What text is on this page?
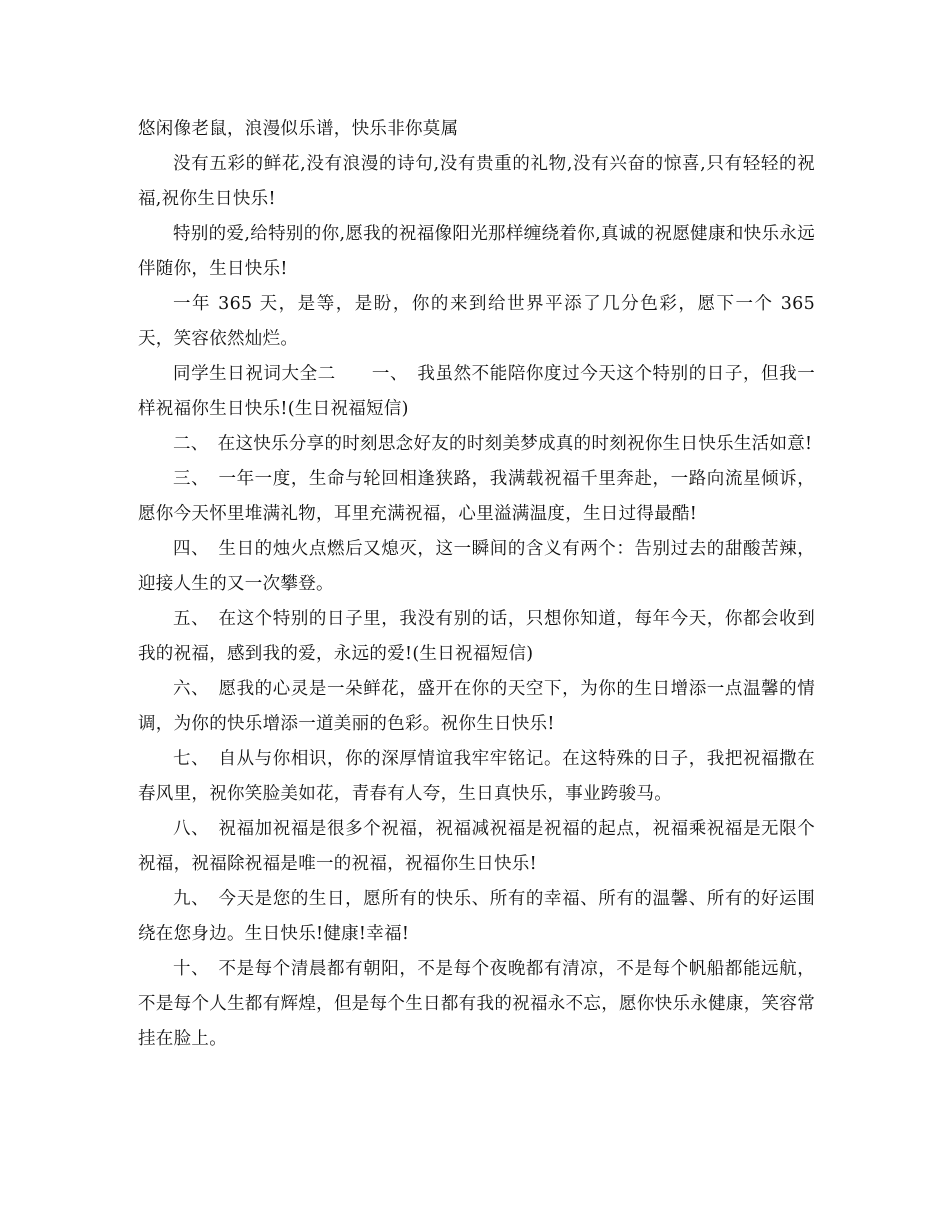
悠闲像老鼠，浪漫似乐谱，快乐非你莫属

没有五彩的鲜花,没有浪漫的诗句,没有贵重的礼物,没有兴奋的惊喜,只有轻轻的祝福,祝你生日快乐!

特别的爱,给特别的你,愿我的祝福像阳光那样缠绕着你,真诚的祝愿健康和快乐永远伴随你，生日快乐!

一年 365 天，是等，是盼，你的来到给世界平添了几分色彩，愿下一个 365 天，笑容依然灿烂。

同学生日祝词大全二　　一、　我虽然不能陪你度过今天这个特别的日子，但我一样祝福你生日快乐!(生日祝福短信)

二、　在这快乐分享的时刻思念好友的时刻美梦成真的时刻祝你生日快乐生活如意!

三、　一年一度，生命与轮回相逢狭路，我满载祝福千里奔赴，一路向流星倾诉，愿你今天怀里堆满礼物，耳里充满祝福，心里溢满温度，生日过得最酷!

四、　生日的烛火点燃后又熄灭，这一瞬间的含义有两个：告别过去的甜酸苦辣，迎接人生的又一次攀登。

五、　在这个特别的日子里，我没有别的话，只想你知道，每年今天，你都会收到我的祝福，感到我的爱，永远的爱!(生日祝福短信)

六、　愿我的心灵是一朵鲜花，盛开在你的天空下，为你的生日增添一点温馨的情调，为你的快乐增添一道美丽的色彩。祝你生日快乐!

七、　自从与你相识，你的深厚情谊我牢牢铭记。在这特殊的日子，我把祝福撒在春风里，祝你笑脸美如花，青春有人夸，生日真快乐，事业跨骏马。

八、　祝福加祝福是很多个祝福，祝福减祝福是祝福的起点，祝福乘祝福是无限个祝福，祝福除祝福是唯一的祝福，祝福你生日快乐!

九、　今天是您的生日，愿所有的快乐、所有的幸福、所有的温馨、所有的好运围绕在您身边。生日快乐!健康!幸福!

十、　不是每个清晨都有朝阳，不是每个夜晚都有清凉，不是每个帆船都能远航，不是每个人生都有辉煌，但是每个生日都有我的祝福永不忘，愿你快乐永健康，笑容常挂在脸上。
